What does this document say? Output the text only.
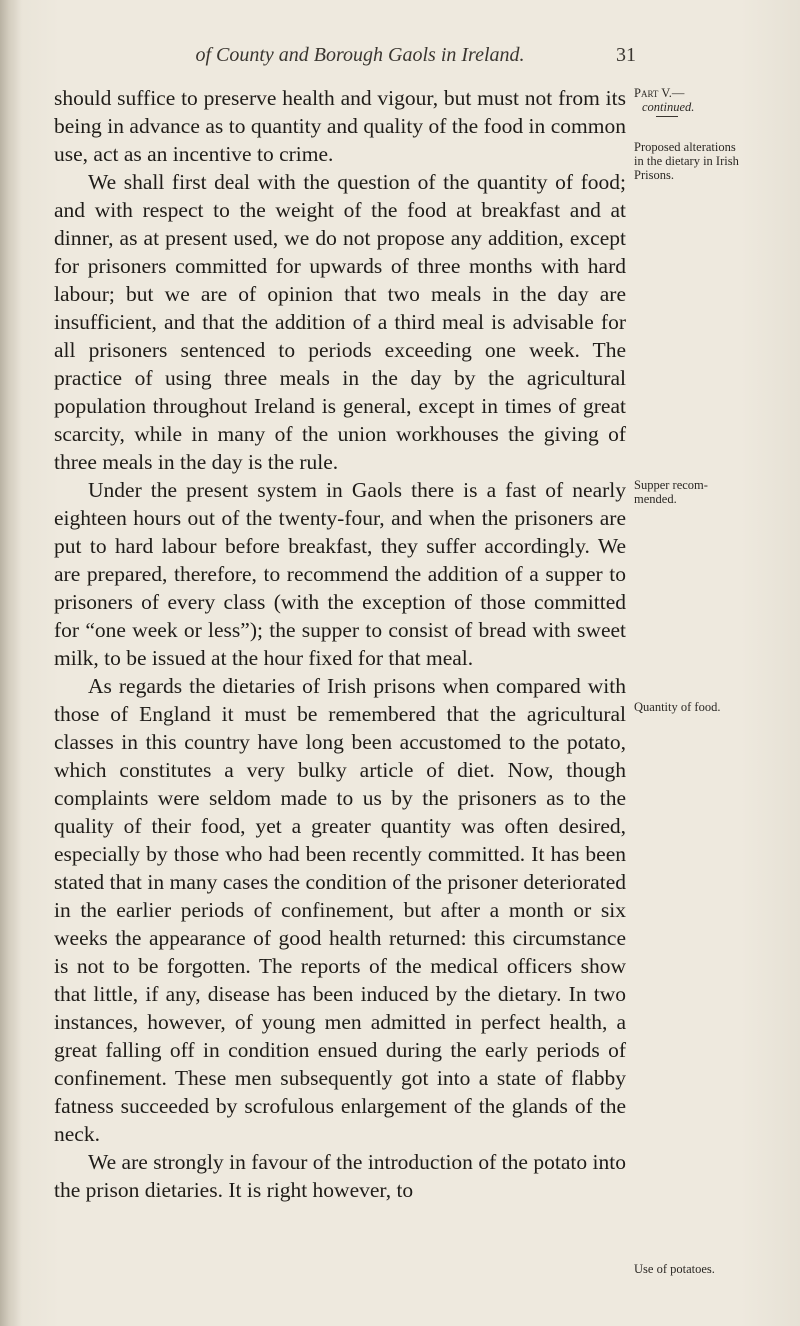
of County and Borough Gaols in Ireland.	31

should suffice to preserve health and vigour, but must not from its being in advance as to quantity and quality of the food in common use, act as an incentive to crime.

We shall first deal with the question of the quantity of food; and with respect to the weight of the food at breakfast and at dinner, as at present used, we do not propose any addition, except for prisoners committed for upwards of three months with hard labour; but we are of opinion that two meals in the day are insufficient, and that the addition of a third meal is advisable for all prisoners sentenced to periods exceeding one week. The practice of using three meals in the day by the agricultural population throughout Ireland is general, except in times of great scarcity, while in many of the union workhouses the giving of three meals in the day is the rule.

Under the present system in Gaols there is a fast of nearly eighteen hours out of the twenty-four, and when the prisoners are put to hard labour before breakfast, they suffer accordingly. We are prepared, therefore, to recommend the addition of a supper to prisoners of every class (with the exception of those committed for “one week or less”); the supper to consist of bread with sweet milk, to be issued at the hour fixed for that meal.

As regards the dietaries of Irish prisons when compared with those of England it must be remembered that the agricultural classes in this country have long been accustomed to the potato, which constitutes a very bulky article of diet. Now, though complaints were seldom made to us by the prisoners as to the quality of their food, yet a greater quantity was often desired, especially by those who had been recently committed. It has been stated that in many cases the condition of the prisoner deteriorated in the earlier periods of confinement, but after a month or six weeks the appearance of good health returned: this circumstance is not to be forgotten. The reports of the medical officers show that little, if any, disease has been induced by the dietary. In two instances, however, of young men admitted in perfect health, a great falling off in condition ensued during the early periods of confinement. These men subsequently got into a state of flabby fatness succeeded by scrofulous enlargement of the glands of the neck.

We are strongly in favour of the introduction of the potato into the prison dietaries. It is right however, to

Part V.—
continued.
Proposed alterations in the dietary in Irish Prisons.
Supper recommended.
Quantity of food.
Use of potatoes.
